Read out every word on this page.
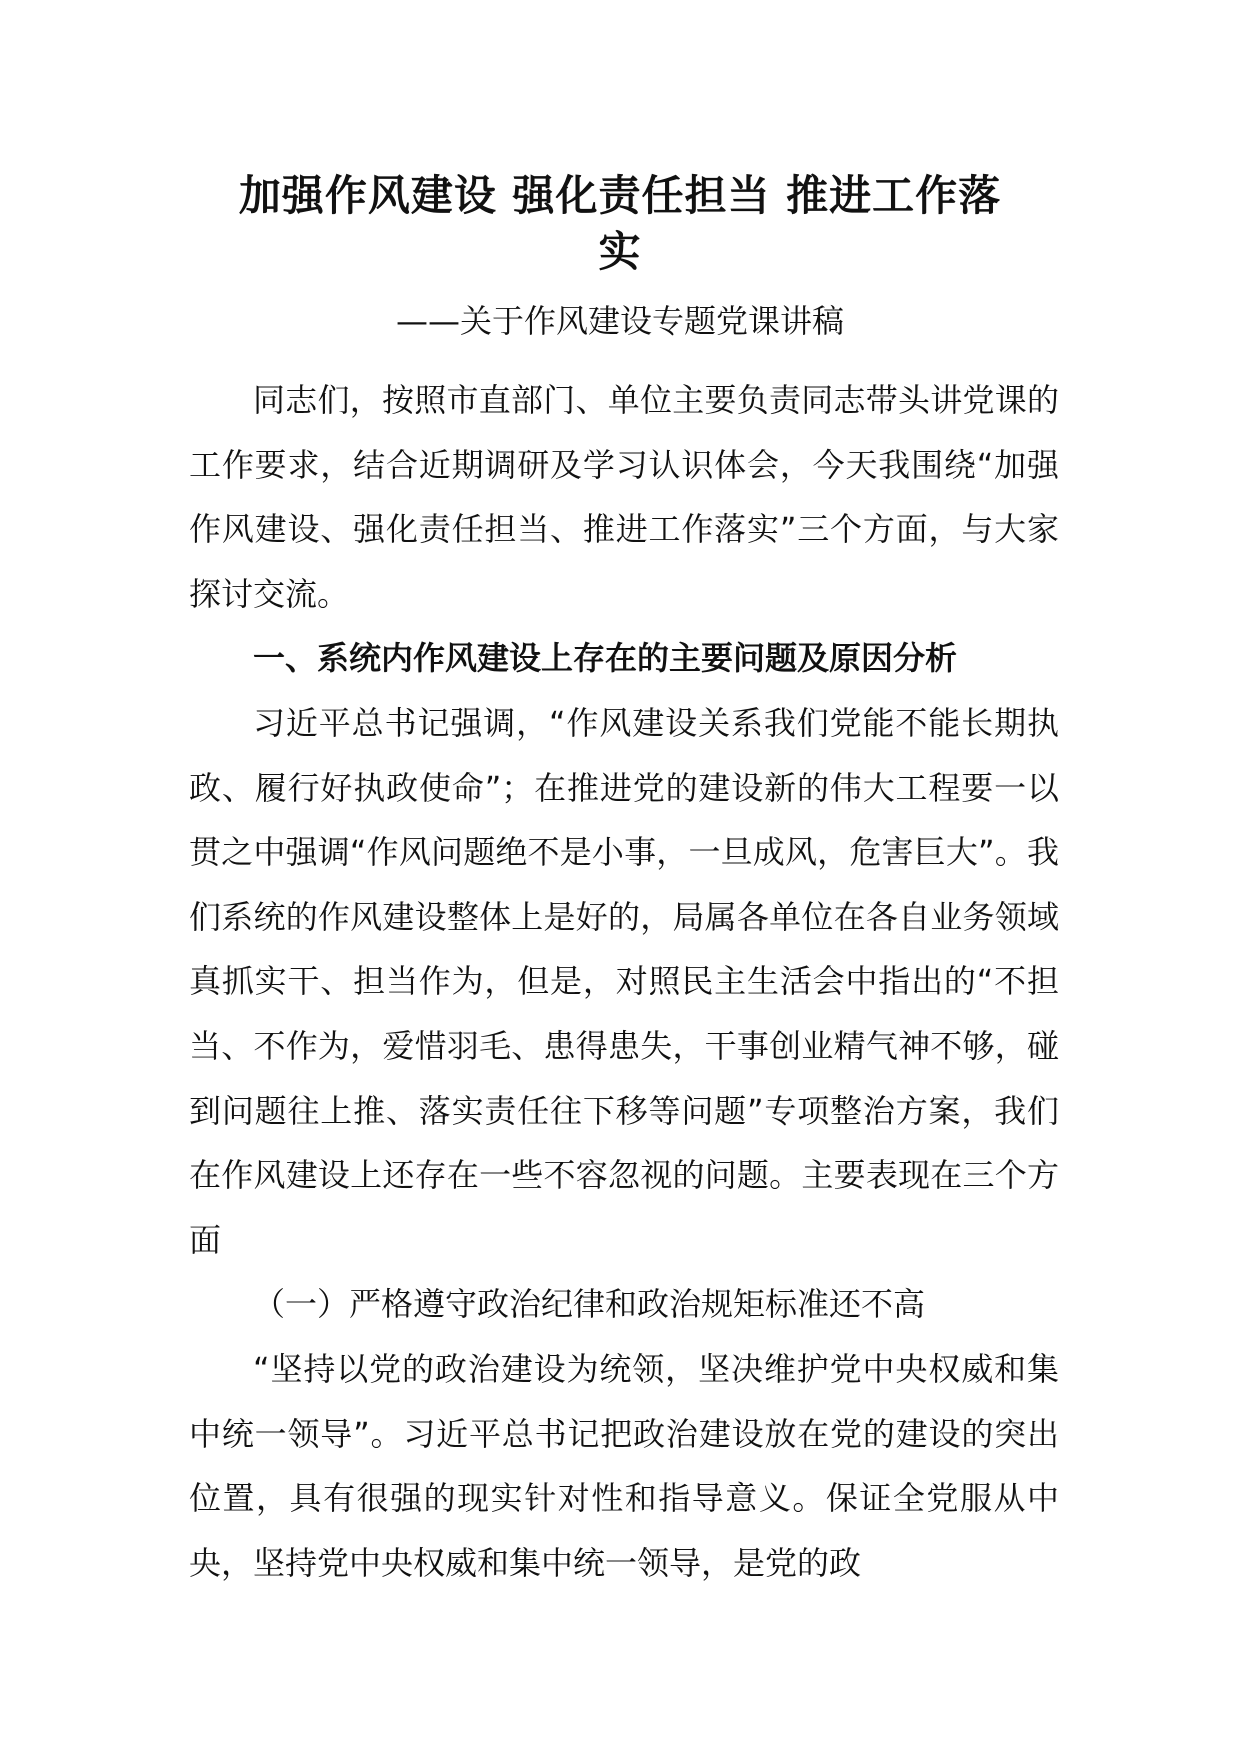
加强作风建设 强化责任担当 推进工作落
实
——关于作风建设专题党课讲稿

同志们，按照市直部门、单位主要负责同志带头讲党课的工作要求，结合近期调研及学习认识体会，今天我围绕“加强作风建设、强化责任担当、推进工作落实”三个方面，与大家探讨交流。

一、系统内作风建设上存在的主要问题及原因分析

习近平总书记强调，“作风建设关系我们党能不能长期执政、履行好执政使命”；在推进党的建设新的伟大工程要一以贯之中强调“作风问题绝不是小事，一旦成风，危害巨大”。我们系统的作风建设整体上是好的，局属各单位在各自业务领域真抓实干、担当作为，但是，对照民主生活会中指出的“不担当、不作为，爱惜羽毛、患得患失，干事创业精气神不够，碰到问题往上推、落实责任往下移等问题”专项整治方案，我们在作风建设上还存在一些不容忽视的问题。主要表现在三个方面

（一）严格遵守政治纪律和政治规矩标准还不高

“坚持以党的政治建设为统领，坚决维护党中央权威和集中统一领导”。习近平总书记把政治建设放在党的建设的突出位置，具有很强的现实针对性和指导意义。保证全党服从中央，坚持党中央权威和集中统一领导，是党的政
